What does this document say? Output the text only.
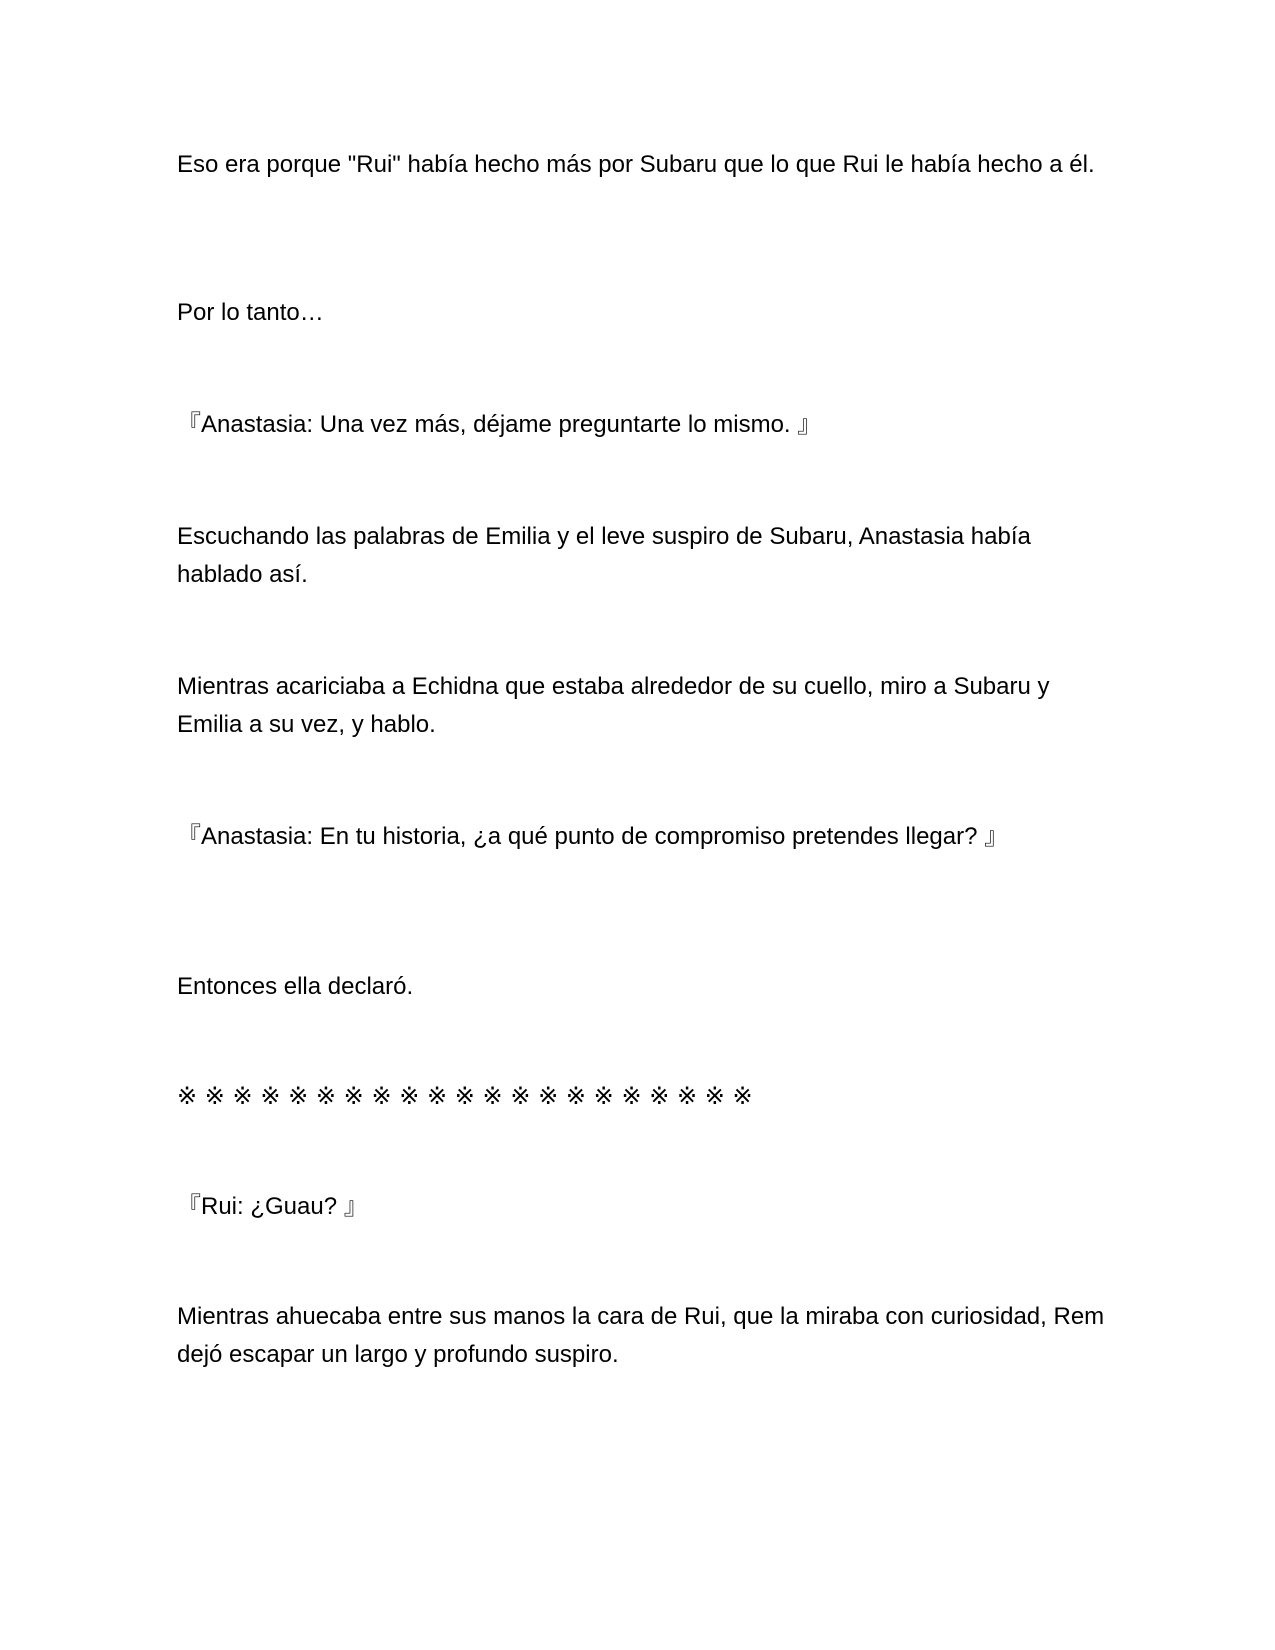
Eso era porque "Rui" había hecho más por Subaru que lo que Rui le había hecho a él.

Por lo tanto…

『Anastasia: Una vez más, déjame preguntarte lo mismo. 』

Escuchando las palabras de Emilia y el leve suspiro de Subaru, Anastasia había hablado así.

Mientras acariciaba a Echidna que estaba alrededor de su cuello, miro a Subaru y Emilia a su vez, y hablo.

『Anastasia: En tu historia, ¿a qué punto de compromiso pretendes llegar? 』

Entonces ella declaró.

※ ※ ※ ※ ※ ※ ※ ※ ※ ※ ※ ※ ※ ※ ※ ※ ※ ※ ※ ※ ※

『Rui: ¿Guau? 』

Mientras ahuecaba entre sus manos la cara de Rui, que la miraba con curiosidad, Rem dejó escapar un largo y profundo suspiro.
